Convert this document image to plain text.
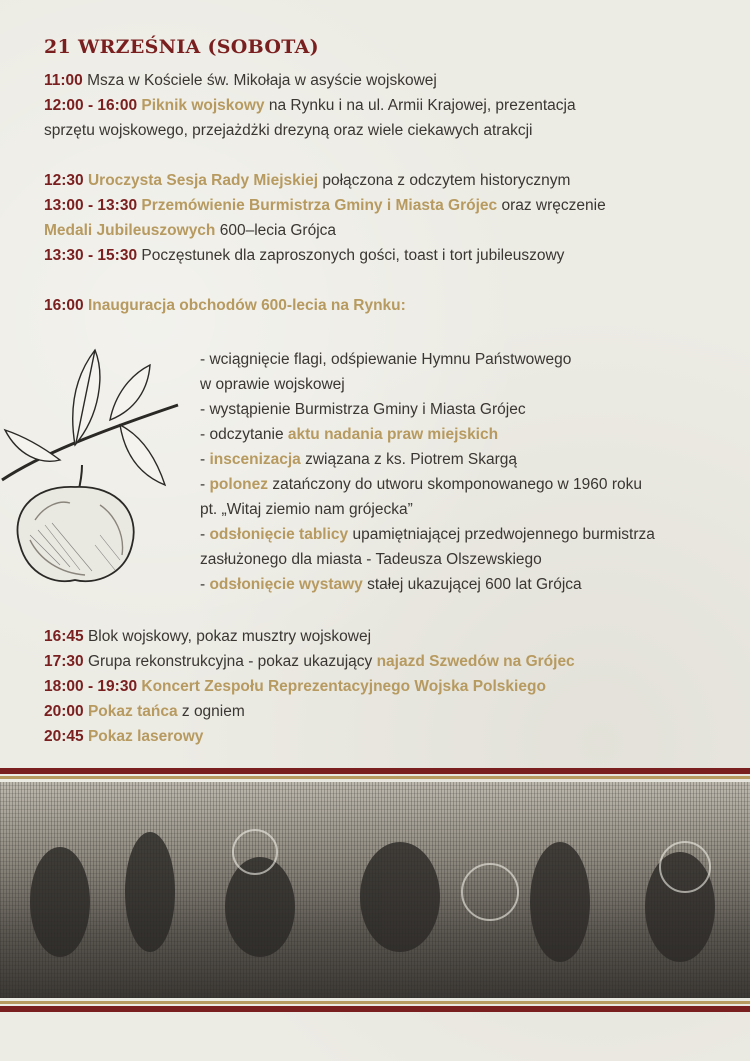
21 WRZEŚNIA (SOBOTA)
11:00 Msza w Kościele św. Mikołaja w asyście wojskowej
12:00 - 16:00 Piknik wojskowy na Rynku i na ul. Armii Krajowej, prezentacja
sprzętu wojskowego, przejażdżki drezyną oraz wiele ciekawych atrakcji

12:30 Uroczysta Sesja Rady Miejskiej połączona z odczytem historycznym
13:00 - 13:30 Przemówienie Burmistrza Gminy i Miasta Grójec oraz wręczenie
Medali Jubileuszowych 600–lecia Grójca
13:30 - 15:30 Poczęstunek dla zaproszonych gości, toast i tort jubileuszowy

16:00 Inauguracja obchodów 600-lecia na Rynku:
- wciągnięcie flagi, odśpiewanie Hymnu Państwowego
w oprawie wojskowej
- wystąpienie Burmistrza Gminy i Miasta Grójec
- odczytanie aktu nadania praw miejskich
- inscenizacja związana z ks. Piotrem Skargą
- polonez zatańczony do utworu skomponowanego w 1960 roku
pt. „Witaj ziemio nam grójecka”
- odsłonięcie tablicy upamiętniającej przedwojennego burmistrza
zasłużonego dla miasta - Tadeusza Olszewskiego
- odsłonięcie wystawy stałej ukazującej 600 lat Grójca
16:45 Blok wojskowy, pokaz musztry wojskowej
17:30 Grupa rekonstrukcyjna - pokaz ukazujący najazd Szwedów na Grójec
18:00 - 19:30 Koncert Zespołu Reprezentacyjnego Wojska Polskiego
20:00 Pokaz tańca z ogniem
20:45 Pokaz laserowy
